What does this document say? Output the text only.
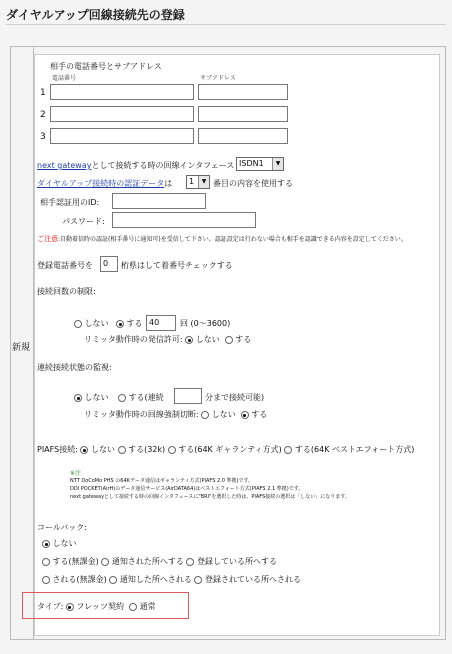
ダイヤルアップ回線接続先の登録
新規
相手の電話番号とサブアドレス
電話番号	サブアドレス
1
2
3
next gatewayとして接続する時の回線インタフェース ISDN1	▼
ダイヤルアップ接続時の認証データは	1	▼ 番目の内容を使用する
相手認証用のID:
パスワード:
ご注意:自動着信時の認証(相手番号に通知可)を受信して下さい。認証設定は行わない場合も相手を認識できる内容を設定してください。
登録電話番号を	0	桁県はして着番号チェックする
接続回数の制限:
しない	する 40	回 (0～3600)
リミッタ動作時の発信許可: しない する
連続接続状態の監視:
しない	する(連続	分まで接続可能)
リミッタ動作時の回線強制切断: しない する
PIAFS接続: しない する(32k) する(64K ギャランティ方式) する(64K ベストエフォート方式)
※注
NTT DoCoMo PHS の64Kデータ通信はギャランティ方式(PIAFS 2.0 準拠)です。
DDI POCKET(AirH)のデータ通信サービス(AirDATA64)はベストエフォート方式(PIAFS 2.1 準拠)です。
next gatewayとして接続する時の回線インタフェースに"BRI"を選択した時は、PIAFS接続の選択は「しない」になります。
コールバック:
しない
する(無課金) 通知された所へする 登録している所へする
される(無課金) 通知した所へされる 登録されている所へされる
タイプ: フレッツ契約 通常
